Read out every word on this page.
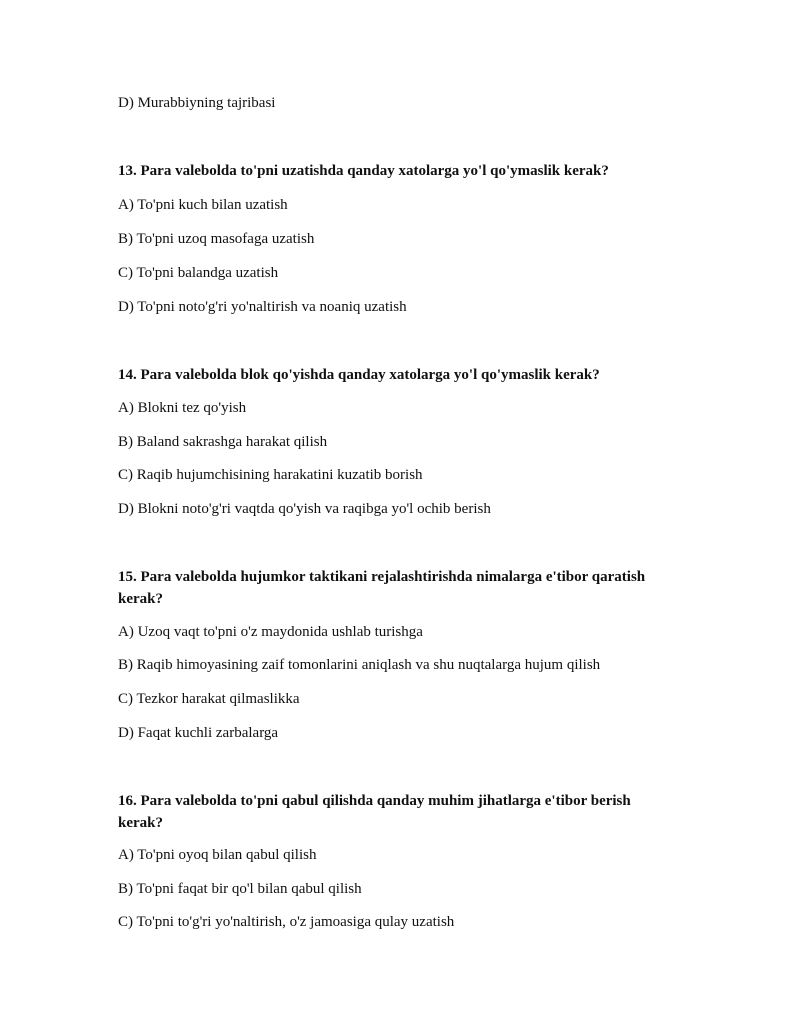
D) Murabbiyning tajribasi
13. Para valebolda to'pni uzatishda qanday xatolarga yo'l qo'ymaslik kerak?
A) To'pni kuch bilan uzatish
B) To'pni uzoq masofaga uzatish
C) To'pni balandga uzatish
D) To'pni noto'g'ri yo'naltirish va noaniq uzatish
14. Para valebolda blok qo'yishda qanday xatolarga yo'l qo'ymaslik kerak?
A) Blokni tez qo'yish
B) Baland sakrashga harakat qilish
C) Raqib hujumchisining harakatini kuzatib borish
D) Blokni noto'g'ri vaqtda qo'yish va raqibga yo'l ochib berish
15. Para valebolda hujumkor taktikani rejalashtirishda nimalarga e'tibor qaratish kerak?
A) Uzoq vaqt to'pni o'z maydonida ushlab turishga
B) Raqib himoyasining zaif tomonlarini aniqlash va shu nuqtalarga hujum qilish
C) Tezkor harakat qilmaslikka
D) Faqat kuchli zarbalarga
16. Para valebolda to'pni qabul qilishda qanday muhim jihatlarga e'tibor berish kerak?
A) To'pni oyoq bilan qabul qilish
B) To'pni faqat bir qo'l bilan qabul qilish
C) To'pni to'g'ri yo'naltirish, o'z jamoasiga qulay uzatish
